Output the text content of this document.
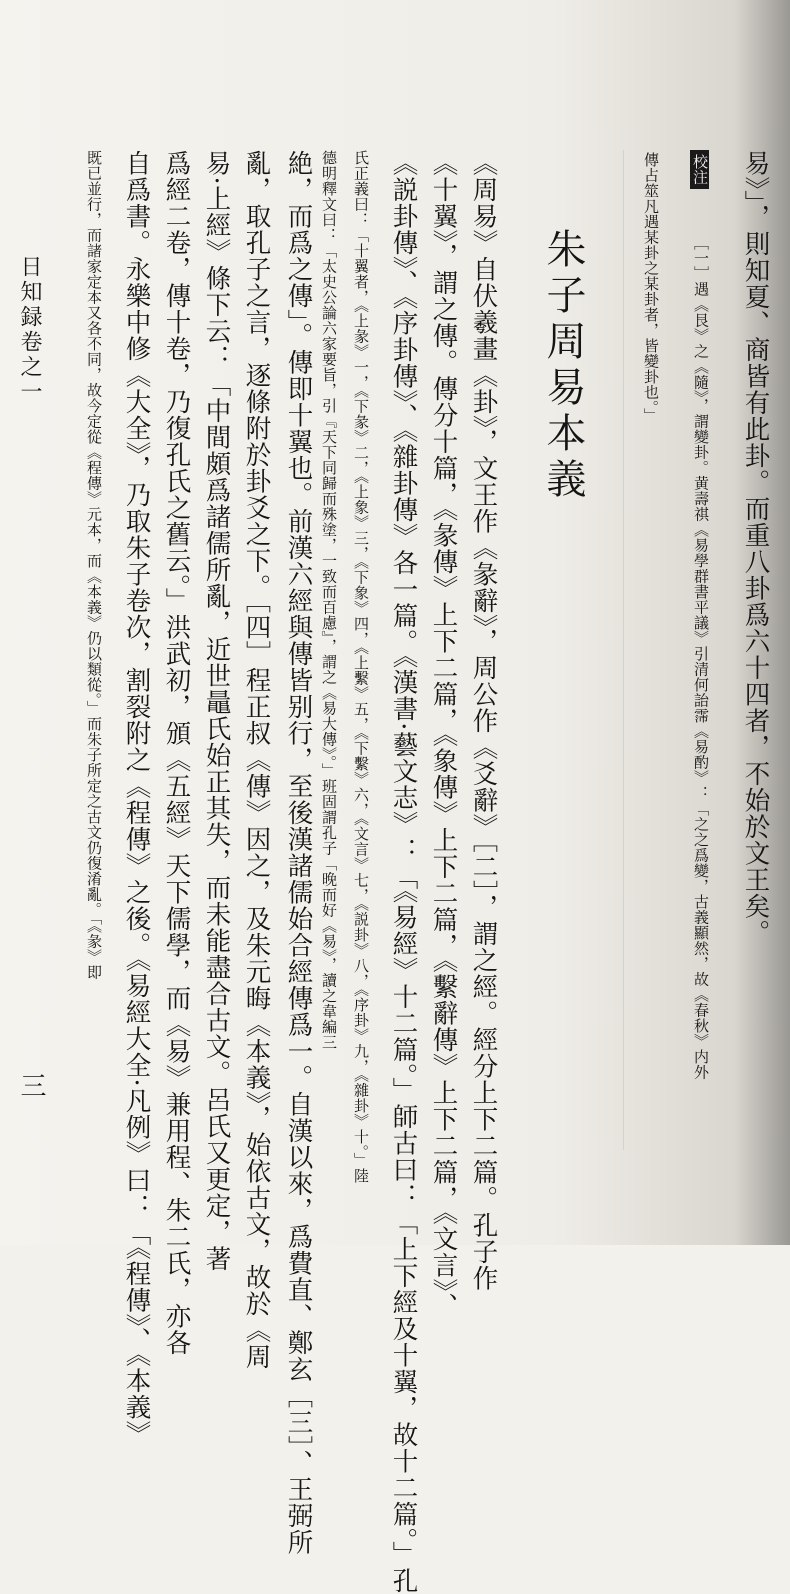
易》」，則知夏、商皆有此卦。而重八卦爲六十四者，不始於文王矣。
［一］遇《艮》之《隨》，謂變卦。黄壽祺《易學群書平議》引清何詒霈《易酌》：「之之爲變，古義顯然，故《春秋》内外
校注
傳占筮凡遇某卦之某卦者，皆變卦也。」
朱子周易本義
《周易》自伏羲畫《卦》，文王作《彖辭》，周公作《爻辭》［二］，謂之經。經分上下二篇。孔子作
《十翼》，謂之傳。傳分十篇，《彖傳》上下二篇，《象傳》上下二篇，《繫辭傳》上下二篇，《文言》、
《説卦傳》、《序卦傳》、《雜卦傳》各一篇。《漢書·藝文志》：「《易經》十二篇。」師古曰：「上下經及十翼，故十二篇。」孔
氏正義曰：「十翼者，《上彖》一，《下彖》二，《上象》三，《下象》四，《上繫》五，《下繫》六，《文言》七，《説卦》八，《序卦》九，《雜卦》十。」陸
德明釋文曰：「太史公論六家要旨，引『天下同歸而殊塗，一致而百慮』，謂之《易大傳》。」班固謂孔子「晚而好《易》，讀之韋編三
絶，而爲之傳」。傳即十翼也。前漢六經與傳皆别行，至後漢諸儒始合經傳爲一。自漢以來，爲費直、鄭玄［三］、王弼所
亂，取孔子之言，逐條附於卦爻之下。［四］程正叔《傳》因之，及朱元晦《本義》，始依古文，故於《周
易·上經》條下云：「中間頗爲諸儒所亂，近世鼂氏始正其失，而未能盡合古文。呂氏又更定，著
爲經二卷，傳十卷，乃復孔氏之舊云。」洪武初，頒《五經》天下儒學，而《易》兼用程、朱二氏，亦各
自爲書。永樂中修《大全》，乃取朱子卷次，割裂附之《程傳》之後。《易經大全·凡例》曰：「《程傳》、《本義》
既已並行，而諸家定本又各不同，故今定從《程傳》元本，而《本義》仍以類從。」而朱子所定之古文仍復淆亂。「《彖》即
日知録卷之一
三
